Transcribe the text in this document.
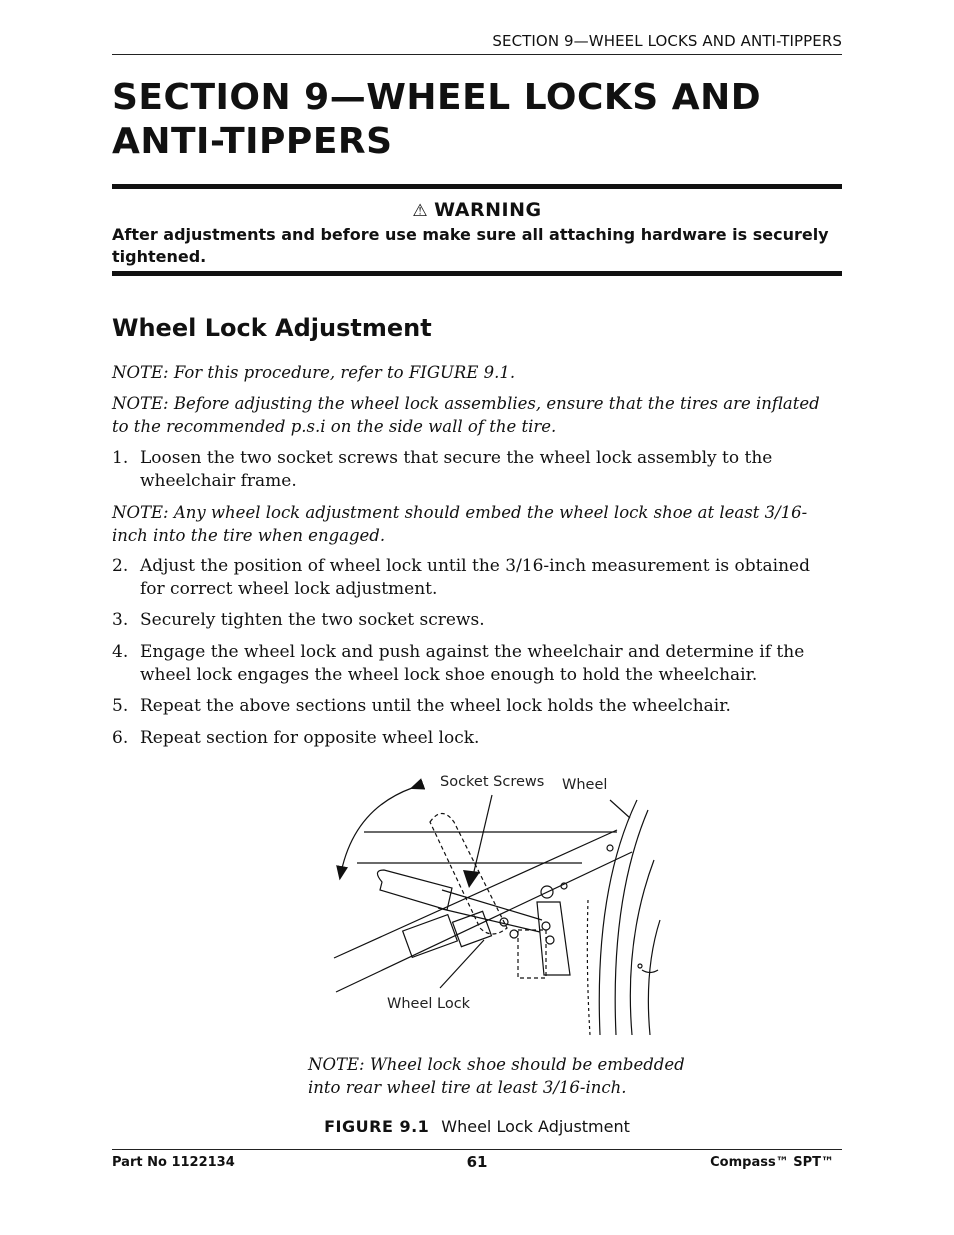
SECTION 9—WHEEL LOCKS AND ANTI-TIPPERS
SECTION 9—WHEEL LOCKS AND
ANTI-TIPPERS
⚠ WARNING
After adjustments and before use make sure all attaching hardware is securely tightened.
Wheel Lock Adjustment

NOTE: For this procedure, refer to FIGURE 9.1.

NOTE: Before adjusting the wheel lock assemblies, ensure that the tires are inflated to the recommended p.s.i on the side wall of the tire.

1. Loosen the two socket screws that secure the wheel lock assembly to the wheelchair frame.

NOTE: Any wheel lock adjustment should embed the wheel lock shoe at least 3/16-inch into the tire when engaged.

2. Adjust the position of wheel lock until the 3/16-inch measurement is obtained for correct wheel lock adjustment.
3. Securely tighten the two socket screws.
4. Engage the wheel lock and push against the wheelchair and determine if the wheel lock engages the wheel lock shoe enough to hold the wheelchair.
5. Repeat the above sections until the wheel lock holds the wheelchair.
6. Repeat section for opposite wheel lock.
Socket Screws Wheel
Wheel Lock
NOTE: Wheel lock shoe should be embedded into rear wheel tire at least 3/16-inch.
FIGURE 9.1 Wheel Lock Adjustment
Part No 1122134	61	Compass™ SPT™
